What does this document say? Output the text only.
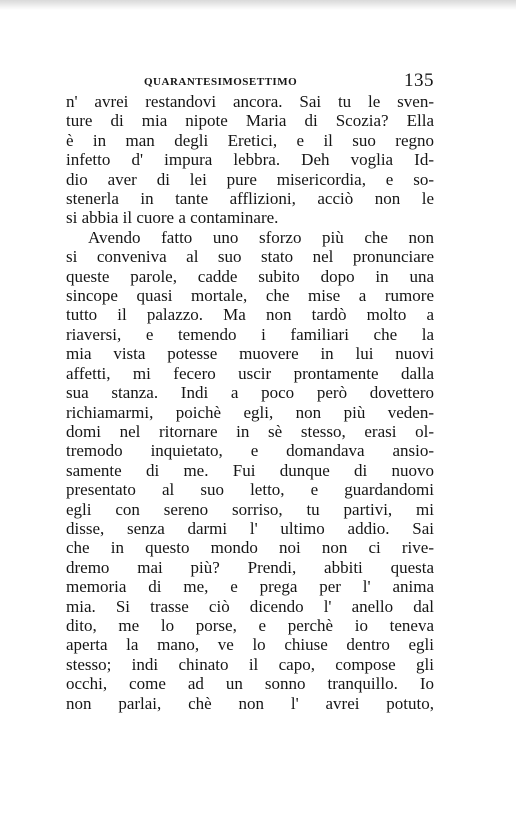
QUARANTESIMOSETTIMO	135
n' avrei restandovi ancora. Sai tu le sven-
ture di mia nipote Maria di Scozia? Ella
è in man degli Eretici, e il suo regno
infetto d' impura lebbra. Deh voglia Id-
dio aver di lei pure misericordia, e so-
stenerla in tante afflizioni, acciò non le
si abbia il cuore a contaminare.
Avendo fatto uno sforzo più che non
si conveniva al suo stato nel pronunciare
queste parole, cadde subito dopo in una
sincope quasi mortale, che mise a rumore
tutto il palazzo. Ma non tardò molto a
riaversi, e temendo i familiari che la
mia vista potesse muovere in lui nuovi
affetti, mi fecero uscir prontamente dalla
sua stanza. Indi a poco però dovettero
richiamarmi, poichè egli, non più veden-
domi nel ritornare in sè stesso, erasi ol-
tremodo inquietato, e domandava ansio-
samente di me. Fui dunque di nuovo
presentato al suo letto, e guardandomi
egli con sereno sorriso, tu partivi, mi
disse, senza darmi l' ultimo addio. Sai
che in questo mondo noi non ci rive-
dremo mai più? Prendi, abbiti questa
memoria di me, e prega per l' anima
mia. Si trasse ciò dicendo l' anello dal
dito, me lo porse, e perchè io teneva
aperta la mano, ve lo chiuse dentro egli
stesso; indi chinato il capo, compose gli
occhi, come ad un sonno tranquillo. Io
non parlai, chè non l' avrei potuto,
